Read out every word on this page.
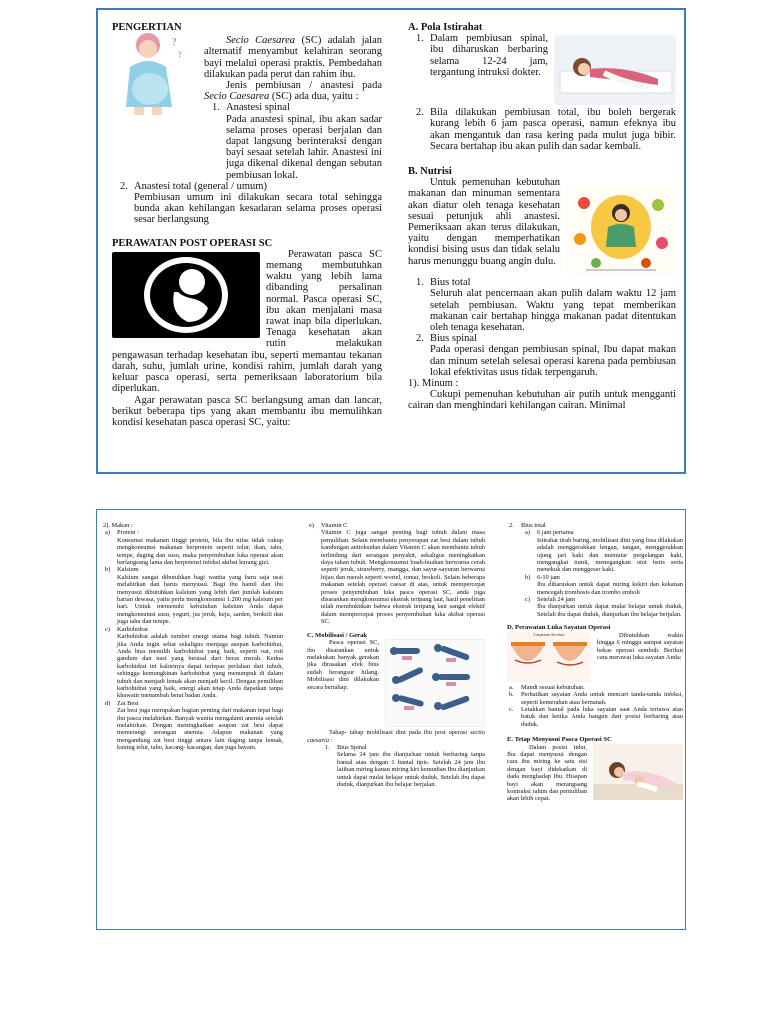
PENGERTIAN
?
?

Secio Caesarea (SC) adalah jalan alternatif menyambut kelahiran seorang bayi melalui operasi praktis. Pembedahan dilakukan pada perut dan rahim ibu.

Jenis pembiusan / anastesi pada Secio Caesarea (SC) ada dua, yaitu :

1. Anastesi spinal
Pada anastesi spinal, ibu akan sadar selama proses operasi berjalan dan dapat langsung berinteraksi dengan bayi sesaat setelah lahir. Anastesi ini juga dikenal dikenal dengan sebutan pembiusan lokal.
2. Anastesi total (general / umum)
Pembiusan umum ini dilakukan secara total sehingga bunda akan kehilangan kesadaran selama proses operasi sesar berlangsung
PERAWATAN POST OPERASI SC

Perawatan pasca SC memang membutuhkan waktu yang lebih lama dibanding persalinan normal. Pasca operasi SC, ibu akan menjalani masa rawat inap bila diperlukan. Tenaga kesehatan akan rutin melakukan pengawasan terhadap kesehatan ibu, seperti memantau tekanan darah, suhu, jumlah urine, kondisi rahim, jumlah darah yang keluar pasca operasi, serta pemeriksaan laboratorium bila diperlukan.

Agar perawatan pasca SC berlangsung aman dan lancar, berikut beberapa tips yang akan membantu ibu memulihkan kondisi kesehatan pasca operasi SC, yaitu:

A. Pola Istirahat
1. Dalam pembiusan spinal, ibu diharuskan berbaring selama 12-24 jam, tergantung intruksi dokter.
2. Bila dilakukan pembiusan total, ibu boleh bergerak kurang lebih 6 jam pasca operasi, namun efeknya ibu akan mengantuk dan rasa kering pada mulut juga bibir. Secara bertahap ibu akan pulih dan sadar kembali.
B. Nutrisi

Untuk pemenuhan kebutuhan makanan dan minuman sementara akan diatur oleh tenaga kesehatan sesuai petunjuk ahli anastesi. Pemeriksaan akan terus dilakukan, yaitu dengan memperhatikan kondisi bising usus dan tidak selalu harus menunggu buang angin dulu.

1. Bius total
Seluruh alat pencernaan akan pulih dalam waktu 12 jam setelah pembiusan. Waktu yang tepat memberikan makanan cair bertahap hingga makanan padat ditentukan oleh tenaga kesehatan.
2. Bius spinal
Pada operasi dengan pembiusan spinal, Ibu dapat makan dan minum setelah selesai operasi karena pada pembiusan lokal efektivitas usus tidak terpengaruh.

1). Minum :

Cukupi pemenuhan kebutuhan air putih untuk mengganti cairan dan menghindari kehilangan cairan. Minimal

2). Makan :

a)	Protein :
Konsumsi makanan tinggi protein, bila ibu nifas tidak cukup mengkonsumsi makanan berprotein seperti telur, ikan, tahu, tempe, daging dan susu, maka penyembuhan luka operasi akan berlangsung lama dan berpotensi infeksi akibat kurang gizi.
b)	Kalsium
Kalsium sangat dibutuhkan bagi wanita yang baru saja usai melahirkan dan harus menyusui. Bagi ibu hamil dan ibu menyusui dibutuhkan kalsium yang lebih dari jumlah kalsium harian dewasa, yaitu perlu mengkonsumsi 1.200 mg kalsium per hari. Untuk memenuhi kebutuhan kalsium Anda dapat mengkonsumsi susu, yogurt, jus jeruk, keju, sarden, brokoli dan juga tahu dan tempe.
c)	Karbohidrat
Karbohidrat adalah sumber energi utama bagi tubuh. Namun jika Anda ingin sehat sekaligus menjaga asupan karbohidrat, Anda bisa memilih karbohidrat yang baik, seperti oat, roti gandum dan nasi yang berasal dari beras merah. Kedua karbohidrat ini kalorinya dapat terlepas perlahan dari tubuh, sehingga kemungkinan karbohidrat yang menumpuk di dalam tubuh dan menjadi lemak akan menjadi kecil. Dengan pemilihan karbohidrat yang baik, energi akan tetap Anda dapatkan tanpa khawatir menambah berat badan Anda.
d)	Zat Besi
Zat besi juga merupakan bagian penting dari makanan tepat bagi ibu pasca melahirkan. Banyak wanita mengalami anemia setelah melahirkan. Dengan meningkatkan asupan zat besi dapat memerangi serangan anemia. Adapun makanan yang mengandung zat besi tinggi antara lain daging tanpa lemak, kuning telur, tahu, kacang- kacangan, dan juga bayam.
e)	Vitamin C
Vitamin C juga sangat penting bagi tubuh dalam masa pemulihan. Selain membantu penyerapan zat besi dalam tubuh kandungan antioksidan dalam Vitamin C akan membantu tubuh terlindung dari serangan penyakit, sekaligus meningkatkan daya tahan tubuh. Mengkonsumsi buah-buahan berwarna cerah seperti jeruk, strawberry, mangga, dan sayur-sayuran berwarna hijau dan merah seperti wortel, tomat, brokoli. Selain beberapa makanan setelah operasi caesar di atas, untuk mempercepat proses penyembuhan luka pasca operasi SC, anda juga disarankan mengkonsumsi ekstrak teripang laut, hasil penelitian telah membuktikan bahwa ekstrak teripang laut sangat efektif dalam mempercepat proses penyembuhan luka akibat operasi SC.
C. Mobilisasi / Gerak

Pasca operasi SC, ibu disarankan untuk melakukan banyak gerakan jika dirasakan efek bius sudah berangsur hilang. Mobilisasi dini dilakukan secara bertahap.

Tahap- tahap mobilisasi dini pada ibu post operasi sectio caesaria :

1.	Bius Spinal
Selama 24 jam ibu dianjurkan untuk berbaring tanpa bantal atau dengan 1 bantal tipis. Setelah 24 jam ibu latihan miring kanan miring kiri kemudian Ibu dianjurkan untuk dapat mulai belajar untuk duduk, Setelah ibu dapat duduk, dianjurkan ibu belajar berjalan.
2.	Bius total
a)	6 jam pertama
Istirahat tirah baring, mobilisasi dini yang bisa dilakukan adalah menggerakkan lengan, tangan, menggerakkan ujung jari kaki dan memutar pergelangan kaki, mengangkat tumit, menegangkan otot betis serta menekuk dan menggeser kaki.
b)	6-10 jam
Ibu diharuskan untuk dapat miring kekiri dan kekanan mencegah trombosis dan trombo emboli
c)	Setelah 24 jam
Ibu dianjurkan untuk dapat mulai belajar untuk duduk, Setelah ibu dapat duduk, dianjurkan ibu belajar berjalan.
D. Perawatan Luka Sayatan Operasi
Cesarean Section	Dibutuhkan waktu hingga 6 minggu sampai sayatan bekas operasi sembuh. Berikut cara merawat luka sayatan Anda:

a.	Mandi sesuai kebutuhan.
b.	Perhatikan sayatan Anda untuk mencari tanda-tanda infeksi, seperti kemerahan atau bernanah.
c.	Letakkan bantal pada luka sayatan saat Anda tertawa atau batuk dan ketika Anda bangun dari posisi berbaring atau duduk.
E. Tetap Menyusui Pasca Operasi SC

Dalam posisi tidur, Ibu dapat menyusui dengan cara ibu miring ke satu sisi dengan bayi didekatkan di dada menghadap Ibu. Hisapan bayi akan merangsang kontraksi rahim dan pemulihan akan lebih cepat.
